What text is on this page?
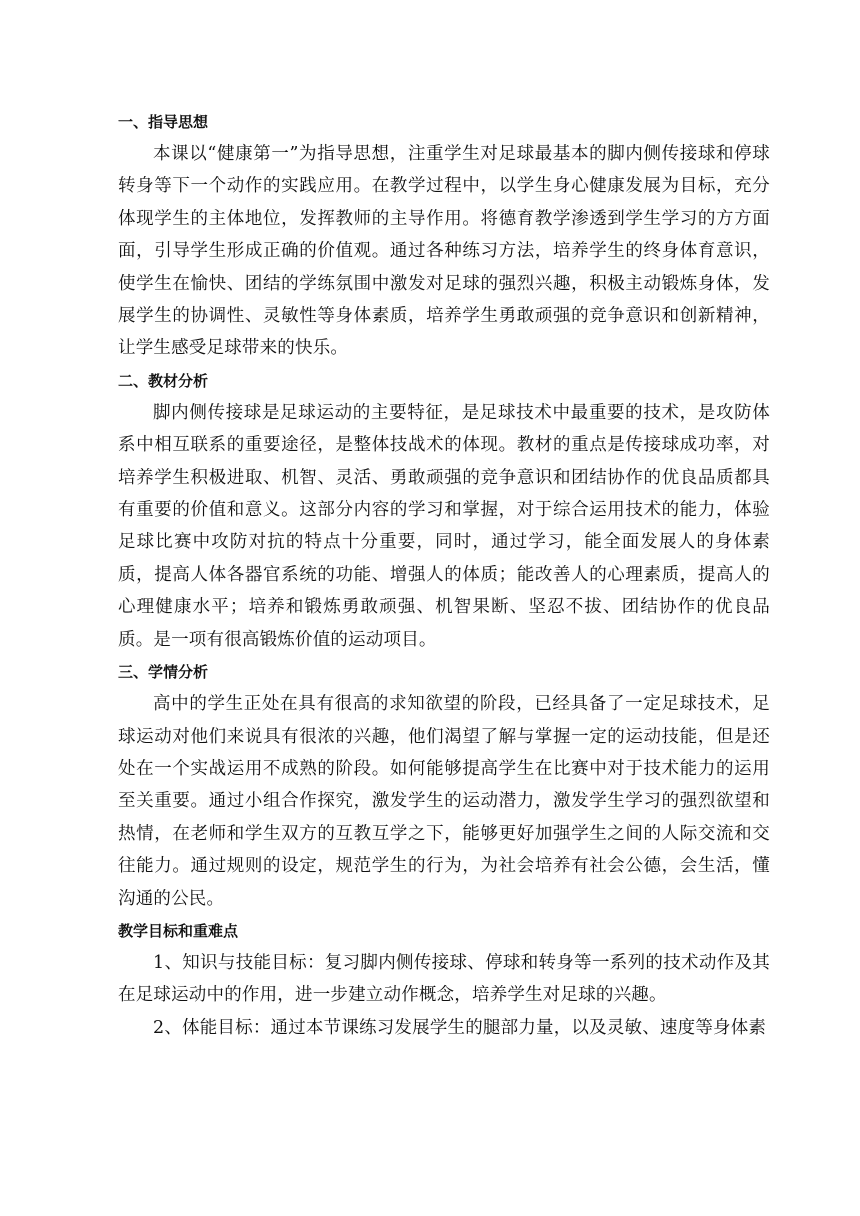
一、指导思想

本课以“健康第一”为指导思想，注重学生对足球最基本的脚内侧传接球和停球转身等下一个动作的实践应用。在教学过程中，以学生身心健康发展为目标，充分体现学生的主体地位，发挥教师的主导作用。将德育教学渗透到学生学习的方方面面，引导学生形成正确的价值观。通过各种练习方法，培养学生的终身体育意识，使学生在愉快、团结的学练氛围中激发对足球的强烈兴趣，积极主动锻炼身体，发展学生的协调性、灵敏性等身体素质，培养学生勇敢顽强的竞争意识和创新精神，让学生感受足球带来的快乐。

二、教材分析

脚内侧传接球是足球运动的主要特征，是足球技术中最重要的技术，是攻防体系中相互联系的重要途径，是整体技战术的体现。教材的重点是传接球成功率，对培养学生积极进取、机智、灵活、勇敢顽强的竞争意识和团结协作的优良品质都具有重要的价值和意义。这部分内容的学习和掌握，对于综合运用技术的能力，体验足球比赛中攻防对抗的特点十分重要，同时，通过学习，能全面发展人的身体素质，提高人体各器官系统的功能、增强人的体质；能改善人的心理素质，提高人的心理健康水平；培养和锻炼勇敢顽强、机智果断、坚忍不拔、团结协作的优良品质。是一项有很高锻炼价值的运动项目。

三、学情分析

高中的学生正处在具有很高的求知欲望的阶段，已经具备了一定足球技术，足球运动对他们来说具有很浓的兴趣，他们渴望了解与掌握一定的运动技能，但是还处在一个实战运用不成熟的阶段。如何能够提高学生在比赛中对于技术能力的运用至关重要。通过小组合作探究，激发学生的运动潜力，激发学生学习的强烈欲望和热情，在老师和学生双方的互教互学之下，能够更好加强学生之间的人际交流和交往能力。通过规则的设定，规范学生的行为，为社会培养有社会公德，会生活，懂沟通的公民。

教学目标和重难点

1、知识与技能目标：复习脚内侧传接球、停球和转身等一系列的技术动作及其在足球运动中的作用，进一步建立动作概念，培养学生对足球的兴趣。

2、体能目标：通过本节课练习发展学生的腿部力量，以及灵敏、速度等身体素
